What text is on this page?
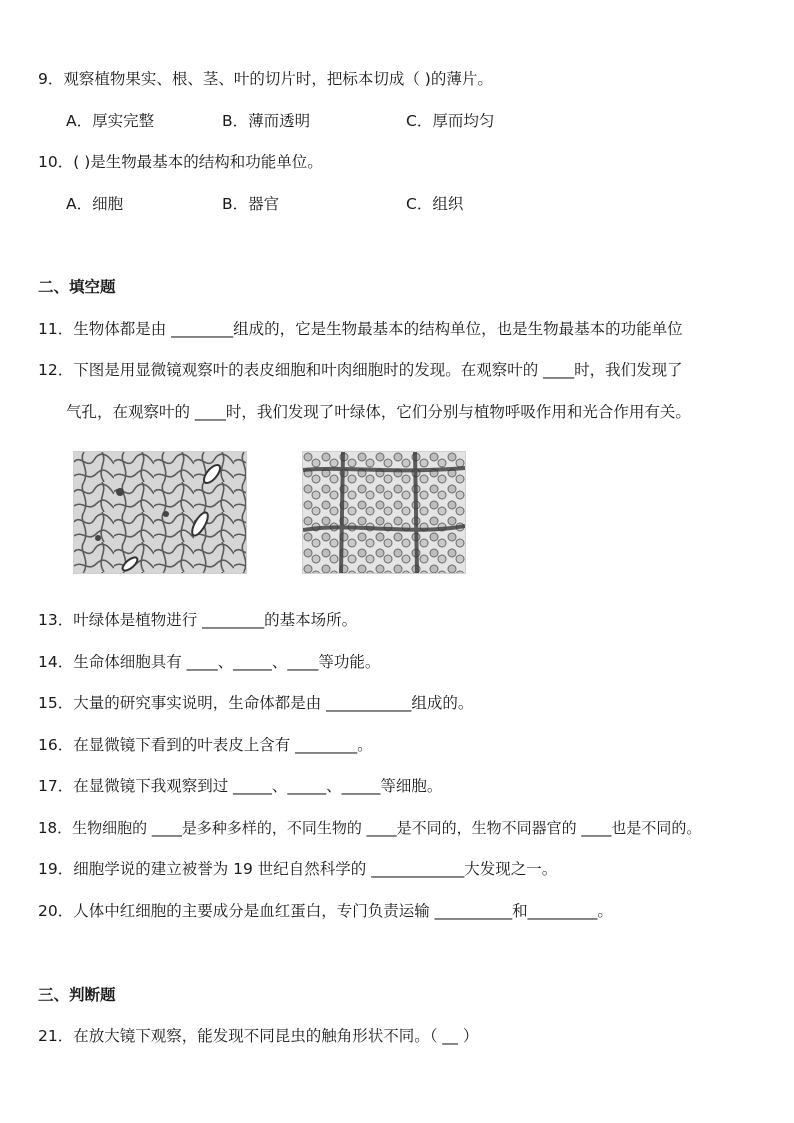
9．观察植物果实、根、茎、叶的切片时，把标本切成（ )的薄片。
A．厚实完整	B．薄而透明	C．厚而均匀
10．( )是生物最基本的结构和功能单位。
A．细胞	B．器官	C．组织
二、填空题
11．生物体都是由 ________组成的，它是生物最基本的结构单位，也是生物最基本的功能单位
12．下图是用显微镜观察叶的表皮细胞和叶肉细胞时的发现。在观察叶的 ____时，我们发现了
气孔，在观察叶的 ____时，我们发现了叶绿体，它们分别与植物呼吸作用和光合作用有关。
13．叶绿体是植物进行 ________的基本场所。
14．生命体细胞具有 ____、_____、____等功能。
15．大量的研究事实说明，生命体都是由 ___________组成的。
16．在显微镜下看到的叶表皮上含有 ________。
17．在显微镜下我观察到过 _____、_____、_____等细胞。
18．生物细胞的 ____是多种多样的，不同生物的 ____是不同的，生物不同器官的 ____也是不同的。
19．细胞学说的建立被誉为 19 世纪自然科学的 ____________大发现之一。
20．人体中红细胞的主要成分是血红蛋白，专门负责运输 __________和_________。
三、判断题
21．在放大镜下观察，能发现不同昆虫的触角形状不同。（ __ ）
